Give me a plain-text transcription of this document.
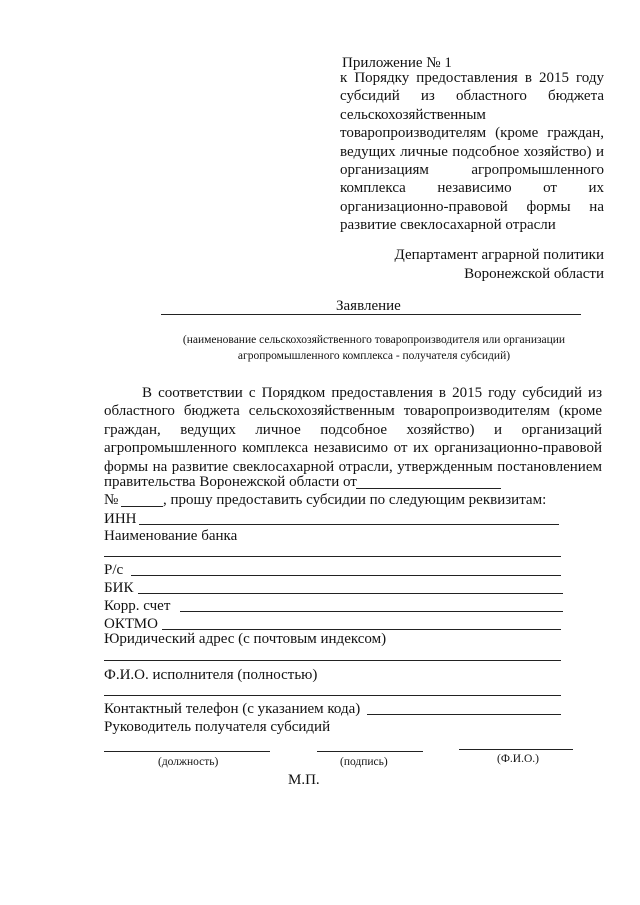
Приложение № 1
к Порядку предоставления в 2015 году
субсидий из областного бюджета
сельскохозяйственным
товаропроизводителям (кроме граждан,
ведущих личные подсобное хозяйство) и
организациям агропромышленного
комплекса независимо от их
организационно-правовой формы на
развитие свеклосахарной отрасли
Департамент аграрной политики
Воронежской области
Заявление
(наименование сельскохозяйственного товаропроизводителя или организации
агропромышленного комплекса - получателя субсидий)
В соответствии с Порядком предоставления в 2015 году субсидий из
областного бюджета сельскохозяйственным товаропроизводителям (кроме
граждан, ведущих личное подсобное хозяйство) и организаций
агропромышленного комплекса независимо от их организационно-правовой
формы на развитие свеклосахарной отрасли, утвержденным постановлением
правительства Воронежской области от
№	, прошу предоставить субсидии по следующим реквизитам:
ИНН
Наименование банка
Р/с
БИК
Корр. счет
ОКТМО
Юридический адрес (с почтовым индексом)
Ф.И.О. исполнителя (полностью)
Контактный телефон (с указанием кода)
Руководитель получателя субсидий
(должность)	(подпись)	(Ф.И.О.)
М.П.
